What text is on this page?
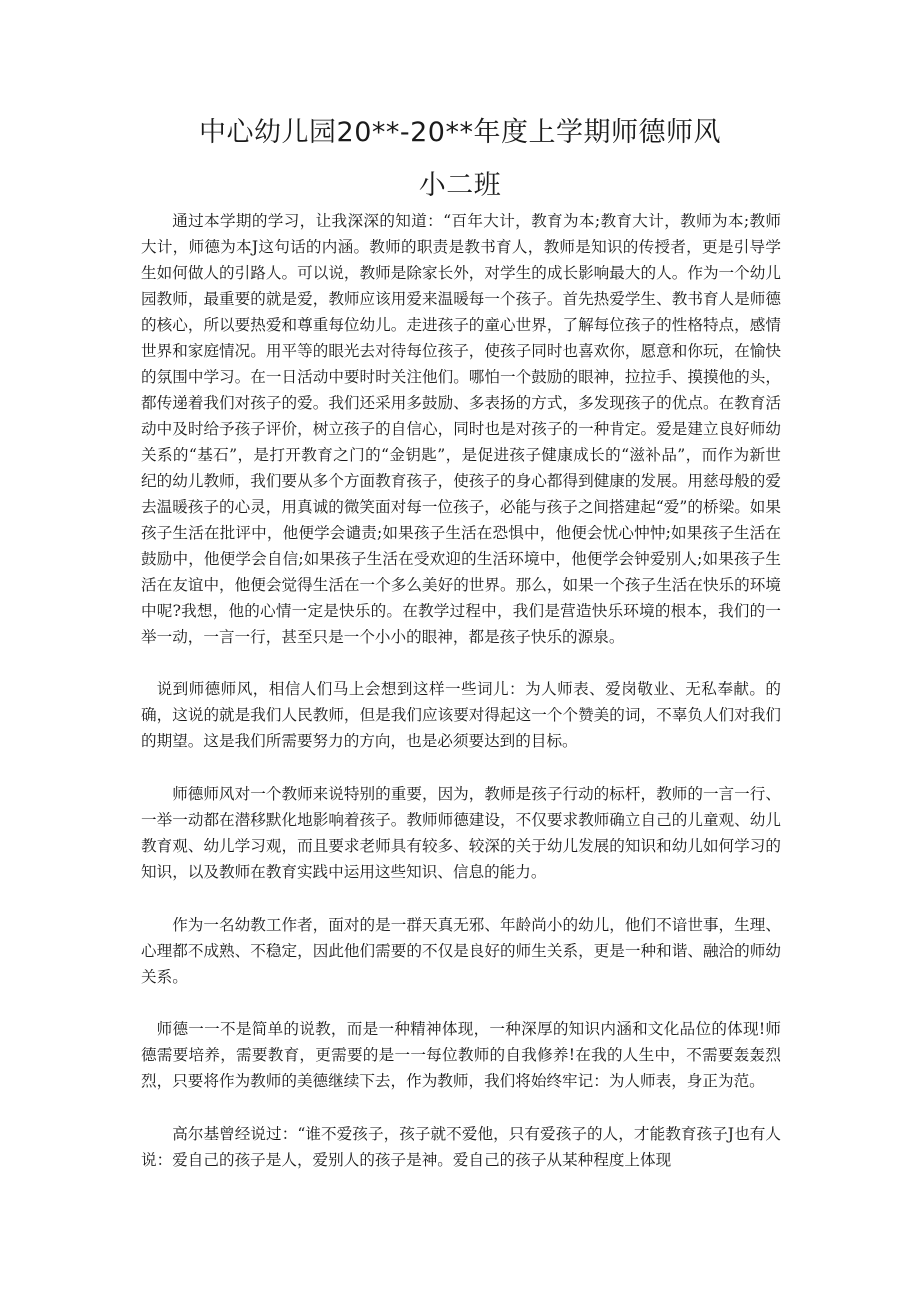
中心幼儿园20**-20**年度上学期师德师风
小二班

通过本学期的学习，让我深深的知道：“百年大计，教育为本;教育大计，教师为本;教师大计，师德为本J这句话的内涵。教师的职责是教书育人，教师是知识的传授者，更是引导学生如何做人的引路人。可以说，教师是除家长外，对学生的成长影响最大的人。作为一个幼儿园教师，最重要的就是爱，教师应该用爱来温暖每一个孩子。首先热爱学生、教书育人是师德的核心，所以要热爱和尊重每位幼儿。走进孩子的童心世界，了解每位孩子的性格特点，感情世界和家庭情况。用平等的眼光去对待每位孩子，使孩子同时也喜欢你，愿意和你玩，在愉快的氛围中学习。在一日活动中要时时关注他们。哪怕一个鼓励的眼神，拉拉手、摸摸他的头，都传递着我们对孩子的爱。我们还采用多鼓励、多表扬的方式，多发现孩子的优点。在教育活动中及时给予孩子评价，树立孩子的自信心，同时也是对孩子的一种肯定。爱是建立良好师幼关系的“基石”，是打开教育之门的“金钥匙”，是促进孩子健康成长的“滋补品”，而作为新世纪的幼儿教师，我们要从多个方面教育孩子，使孩子的身心都得到健康的发展。用慈母般的爱去温暖孩子的心灵，用真诚的微笑面对每一位孩子，必能与孩子之间搭建起“爱”的桥梁。如果孩子生活在批评中，他便学会谴责;如果孩子生活在恐惧中，他便会忧心忡忡;如果孩子生活在鼓励中，他便学会自信;如果孩子生活在受欢迎的生活环境中，他便学会钟爱别人;如果孩子生活在友谊中，他便会觉得生活在一个多么美好的世界。那么，如果一个孩子生活在快乐的环境中呢?我想，他的心情一定是快乐的。在教学过程中，我们是营造快乐环境的根本，我们的一举一动，一言一行，甚至只是一个小小的眼神，都是孩子快乐的源泉。

说到师德师风，相信人们马上会想到这样一些词儿：为人师表、爱岗敬业、无私奉献。的确，这说的就是我们人民教师，但是我们应该要对得起这一个个赞美的词，不辜负人们对我们的期望。这是我们所需要努力的方向，也是必须要达到的目标。

师德师风对一个教师来说特别的重要，因为，教师是孩子行动的标杆，教师的一言一行、一举一动都在潜移默化地影响着孩子。教师师德建设，不仅要求教师确立自己的儿童观、幼儿教育观、幼儿学习观，而且要求老师具有较多、较深的关于幼儿发展的知识和幼儿如何学习的知识，以及教师在教育实践中运用这些知识、信息的能力。

作为一名幼教工作者，面对的是一群天真无邪、年龄尚小的幼儿，他们不谙世事，生理、心理都不成熟、不稳定，因此他们需要的不仅是良好的师生关系，更是一种和谐、融洽的师幼关系。

师德一一不是简单的说教，而是一种精神体现，一种深厚的知识内涵和文化品位的体现!师德需要培养，需要教育，更需要的是一一每位教师的自我修养!在我的人生中，不需要轰轰烈烈，只要将作为教师的美德继续下去，作为教师，我们将始终牢记：为人师表，身正为范。

高尔基曾经说过：“谁不爱孩子，孩子就不爱他，只有爱孩子的人，才能教育孩子J也有人说：爱自己的孩子是人，爱别人的孩子是神。爱自己的孩子从某种程度上体现
